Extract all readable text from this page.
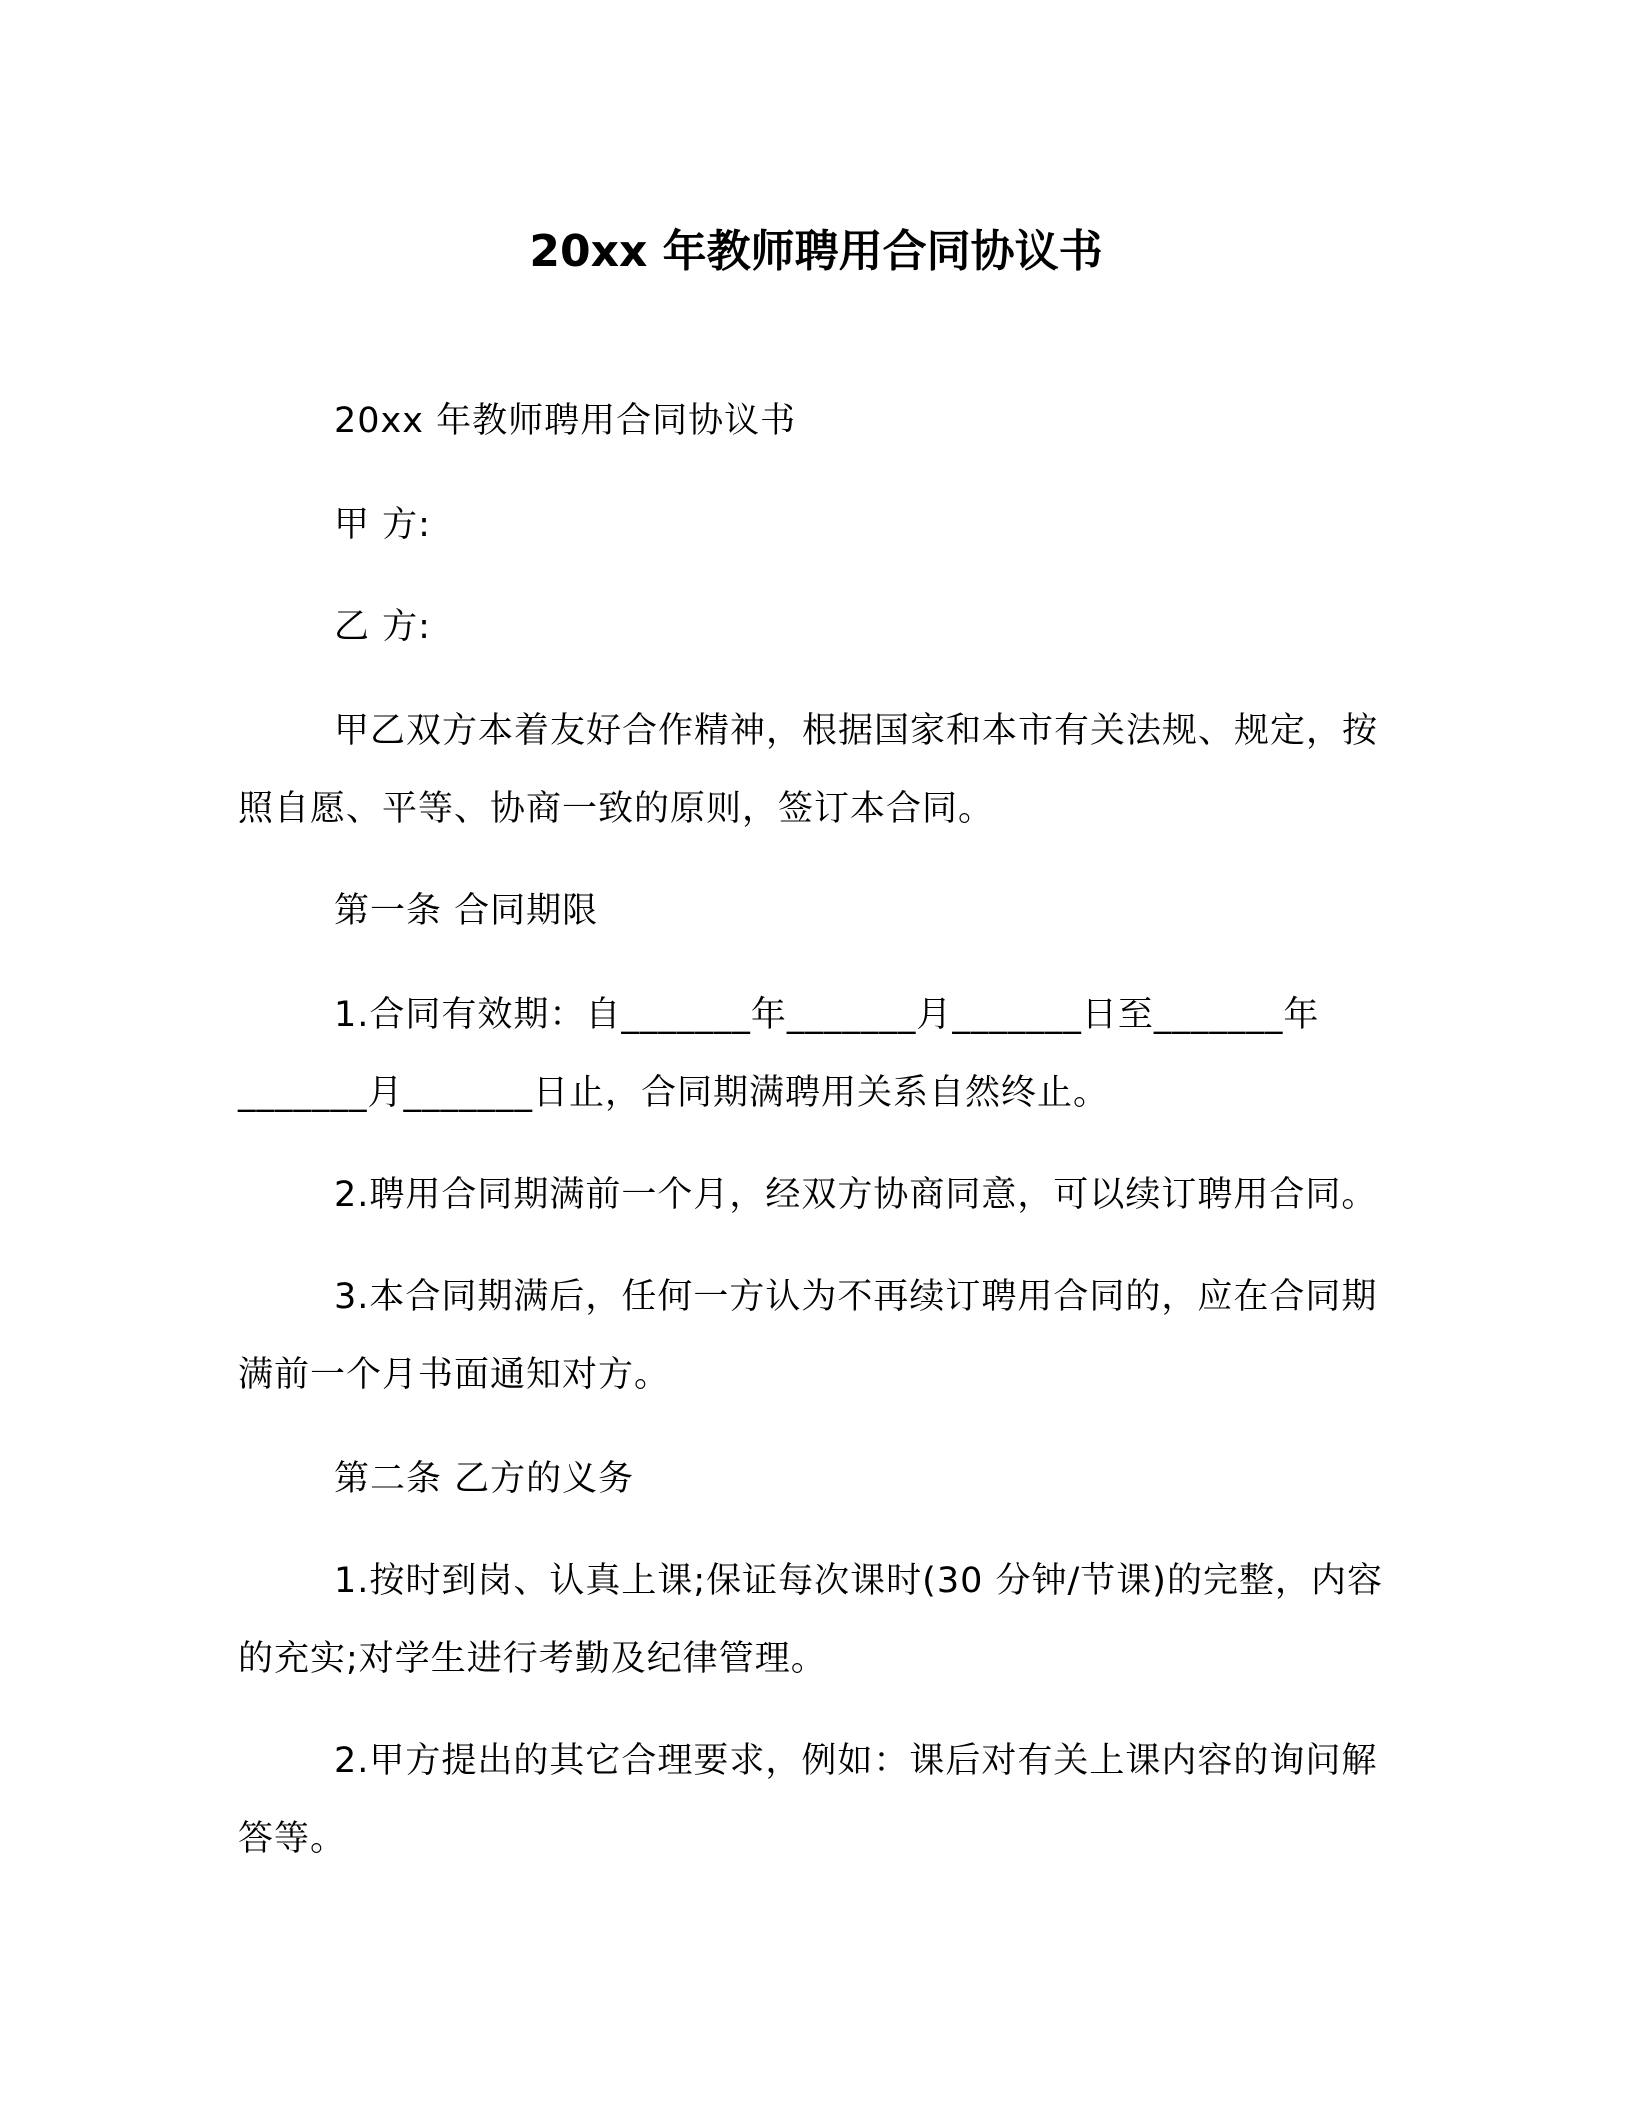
20xx 年教师聘用合同协议书

20xx 年教师聘用合同协议书

甲 方:

乙 方:

甲乙双方本着友好合作精神，根据国家和本市有关法规、规定，按照自愿、平等、协商一致的原则，签订本合同。

第一条 合同期限

1.合同有效期：自_______年_______月_______日至_______年_______月_______日止，合同期满聘用关系自然终止。

2.聘用合同期满前一个月，经双方协商同意，可以续订聘用合同。

3.本合同期满后，任何一方认为不再续订聘用合同的，应在合同期满前一个月书面通知对方。

第二条 乙方的义务

1.按时到岗、认真上课;保证每次课时(30 分钟/节课)的完整，内容的充实;对学生进行考勤及纪律管理。

2.甲方提出的其它合理要求，例如：课后对有关上课内容的询问解答等。
